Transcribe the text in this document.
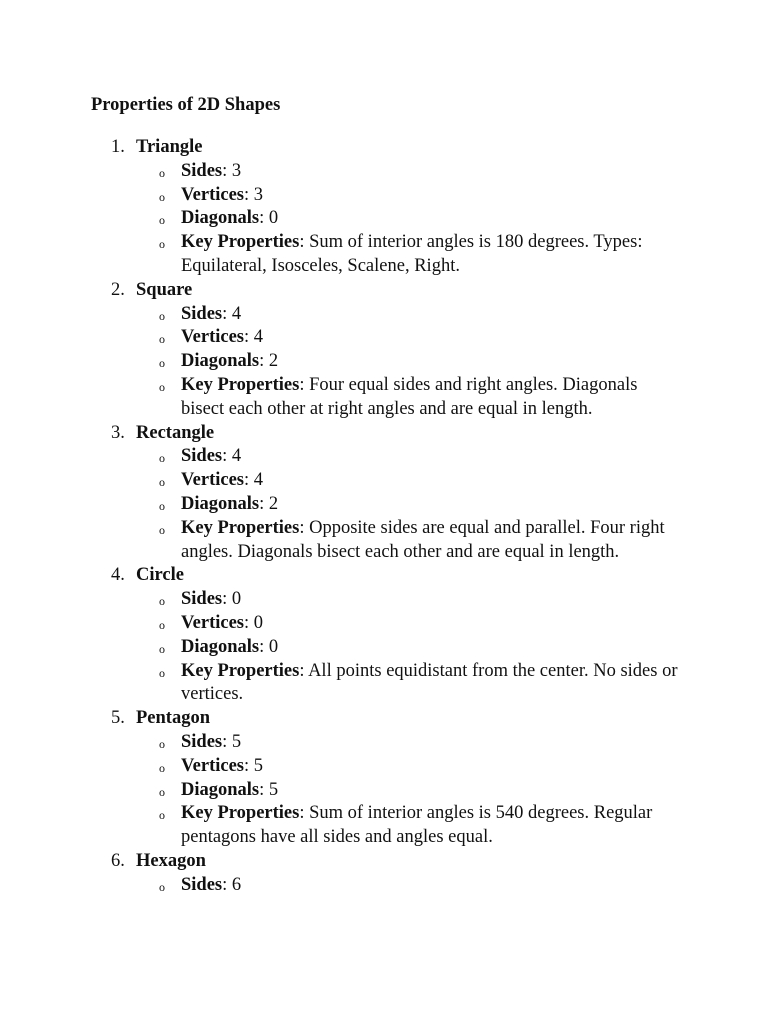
Properties of 2D Shapes
1. Triangle
o Sides: 3
o Vertices: 3
o Diagonals: 0
o Key Properties: Sum of interior angles is 180 degrees. Types: Equilateral, Isosceles, Scalene, Right.
2. Square
o Sides: 4
o Vertices: 4
o Diagonals: 2
o Key Properties: Four equal sides and right angles. Diagonals bisect each other at right angles and are equal in length.
3. Rectangle
o Sides: 4
o Vertices: 4
o Diagonals: 2
o Key Properties: Opposite sides are equal and parallel. Four right angles. Diagonals bisect each other and are equal in length.
4. Circle
o Sides: 0
o Vertices: 0
o Diagonals: 0
o Key Properties: All points equidistant from the center. No sides or vertices.
5. Pentagon
o Sides: 5
o Vertices: 5
o Diagonals: 5
o Key Properties: Sum of interior angles is 540 degrees. Regular pentagons have all sides and angles equal.
6. Hexagon
o Sides: 6
